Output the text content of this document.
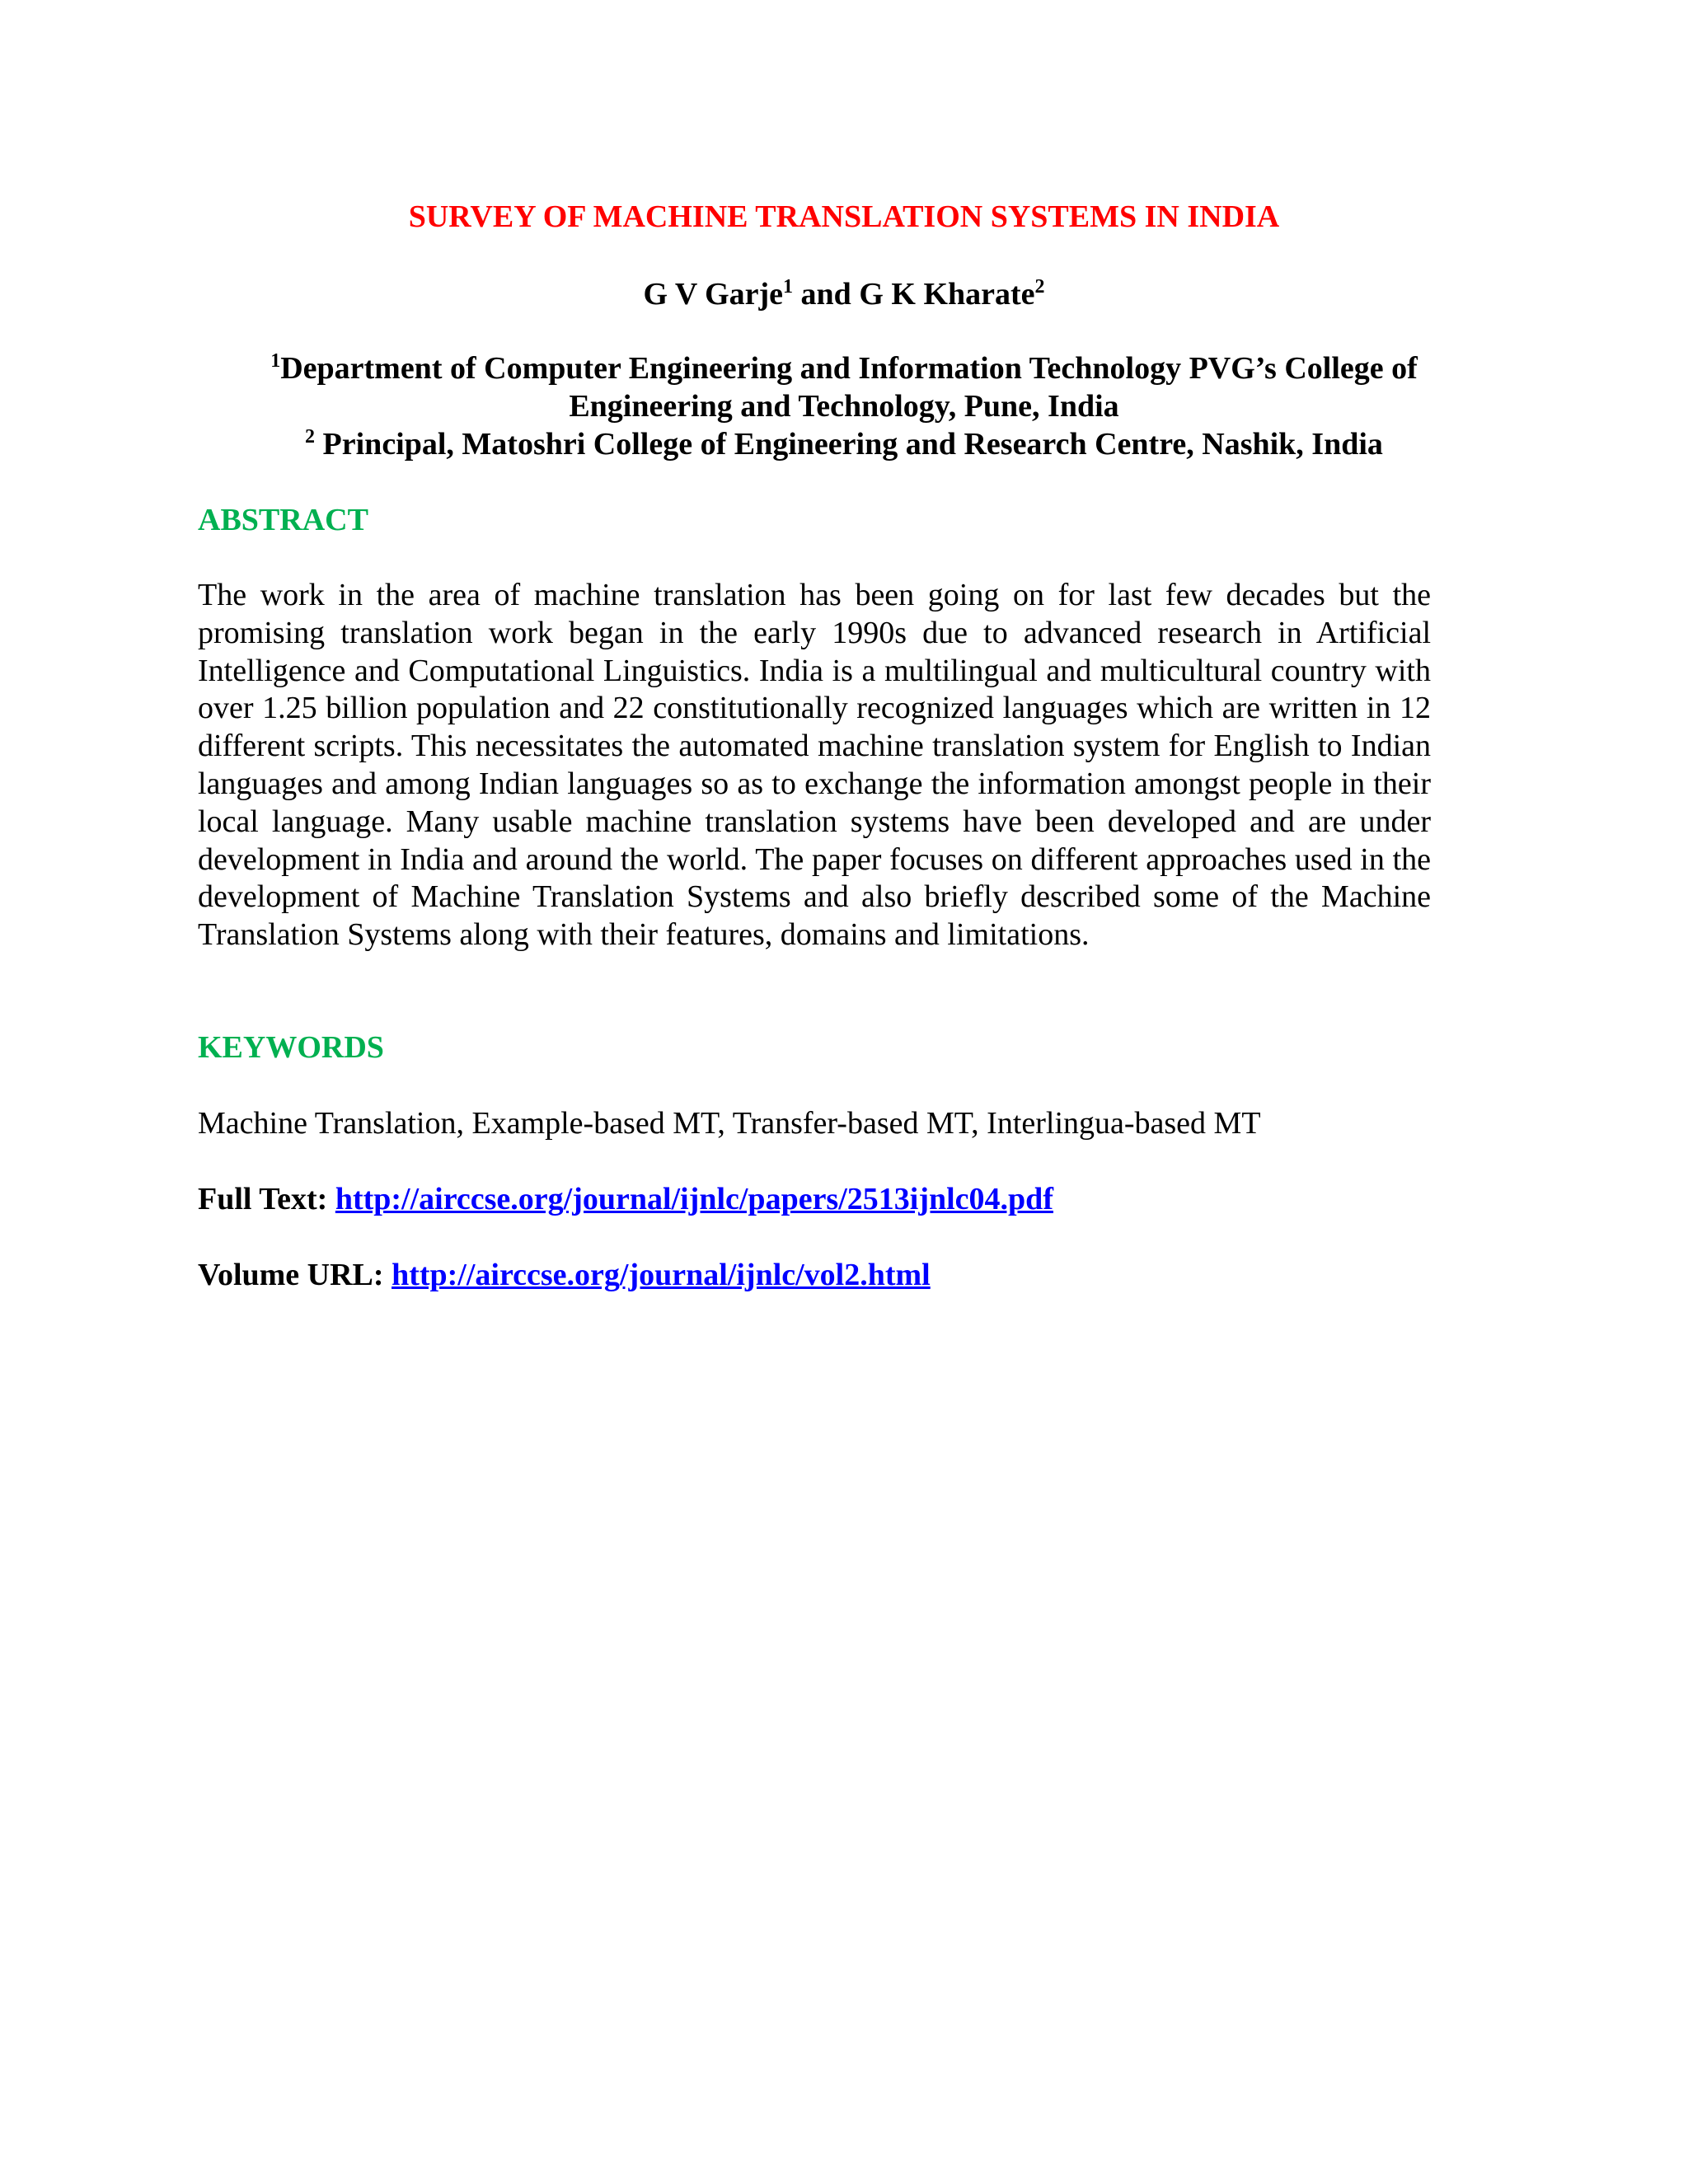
SURVEY OF MACHINE TRANSLATION SYSTEMS IN INDIA
G V Garje$^1$ and G K Kharate$^2$
$^1$Department of Computer Engineering and Information Technology PVG’s College of
Engineering and Technology, Pune, India
$^2$ Principal, Matoshri College of Engineering and Research Centre, Nashik, India
ABSTRACT
The work in the area of machine translation has been going on for last few decades but the promising translation work began in the early 1990s due to advanced research in Artificial Intelligence and Computational Linguistics. India is a multilingual and multicultural country with over 1.25 billion population and 22 constitutionally recognized languages which are written in 12 different scripts. This necessitates the automated machine translation system for English to Indian languages and among Indian languages so as to exchange the information amongst people in their local language. Many usable machine translation systems have been developed and are under development in India and around the world. The paper focuses on different approaches used in the development of Machine Translation Systems and also briefly described some of the Machine Translation Systems along with their features, domains and limitations.
KEYWORDS
Machine Translation, Example-based MT, Transfer-based MT, Interlingua-based MT
Full Text: http://airccse.org/journal/ijnlc/papers/2513ijnlc04.pdf
Volume URL: http://airccse.org/journal/ijnlc/vol2.html
